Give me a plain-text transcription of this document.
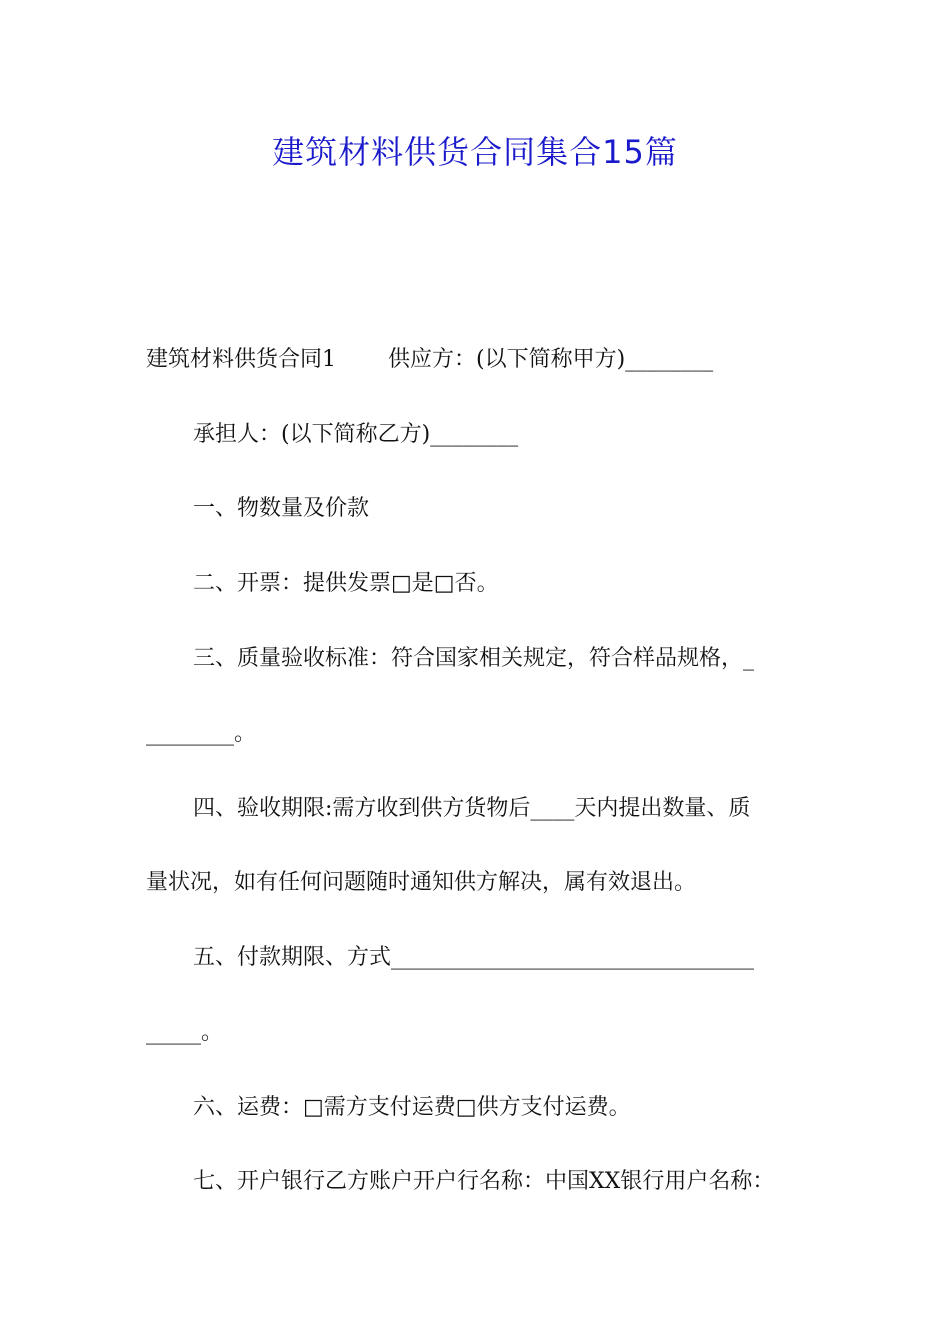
建筑材料供货合同集合15篇
建筑材料供货合同1 供应方：(以下简称甲方)________
承担人：(以下简称乙方)________
一、物数量及价款
二、开票：提供发票□是□否。
三、质量验收标准：符合国家相关规定，符合样品规格，_
________。
四、验收期限:需方收到供方货物后____天内提出数量、质
量状况，如有任何问题随时通知供方解决，属有效退出。
五、付款期限、方式_________________________________
_____。
六、运费：□需方支付运费□供方支付运费。
七、开户银行乙方账户开户行名称：中国XX银行用户名称：
